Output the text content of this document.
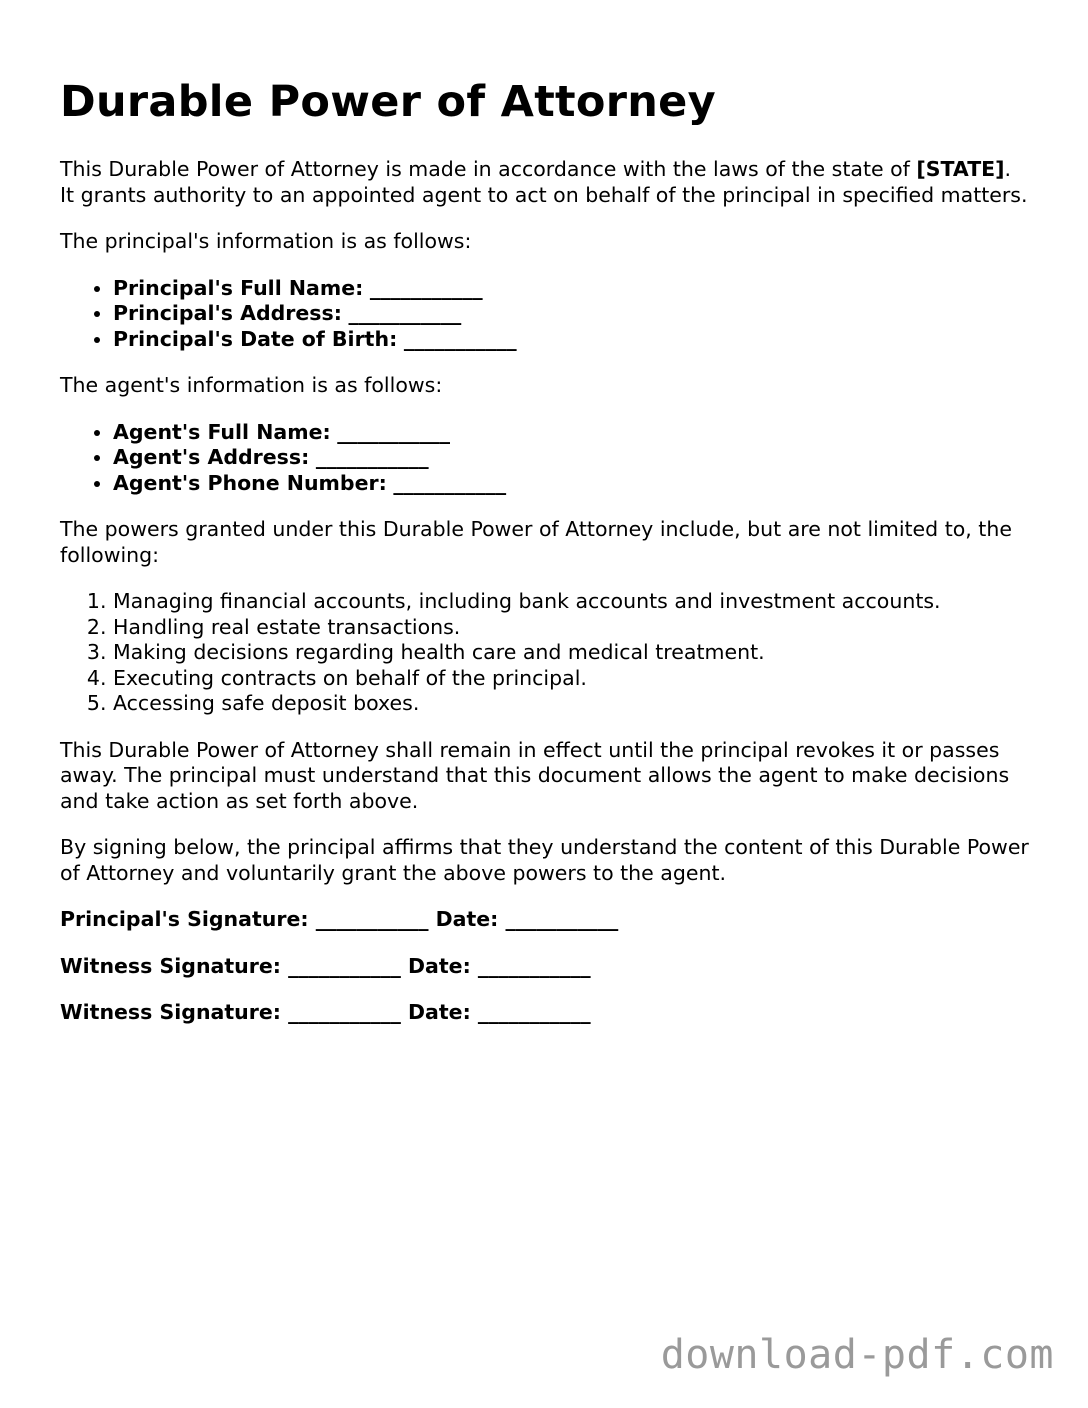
Durable Power of Attorney

This Durable Power of Attorney is made in accordance with the laws of the state of [STATE]. It grants authority to an appointed agent to act on behalf of the principal in specified matters.

The principal's information is as follows:

• Principal's Full Name: ___________
• Principal's Address: ___________
• Principal's Date of Birth: ___________

The agent's information is as follows:

• Agent's Full Name: ___________
• Agent's Address: ___________
• Agent's Phone Number: ___________

The powers granted under this Durable Power of Attorney include, but are not limited to, the following:

1. Managing financial accounts, including bank accounts and investment accounts.
2. Handling real estate transactions.
3. Making decisions regarding health care and medical treatment.
4. Executing contracts on behalf of the principal.
5. Accessing safe deposit boxes.

This Durable Power of Attorney shall remain in effect until the principal revokes it or passes away. The principal must understand that this document allows the agent to make decisions and take action as set forth above.

By signing below, the principal affirms that they understand the content of this Durable Power of Attorney and voluntarily grant the above powers to the agent.

Principal's Signature: ___________ Date: ___________
Witness Signature: ___________ Date: ___________
Witness Signature: ___________ Date: ___________
download-pdf.com
